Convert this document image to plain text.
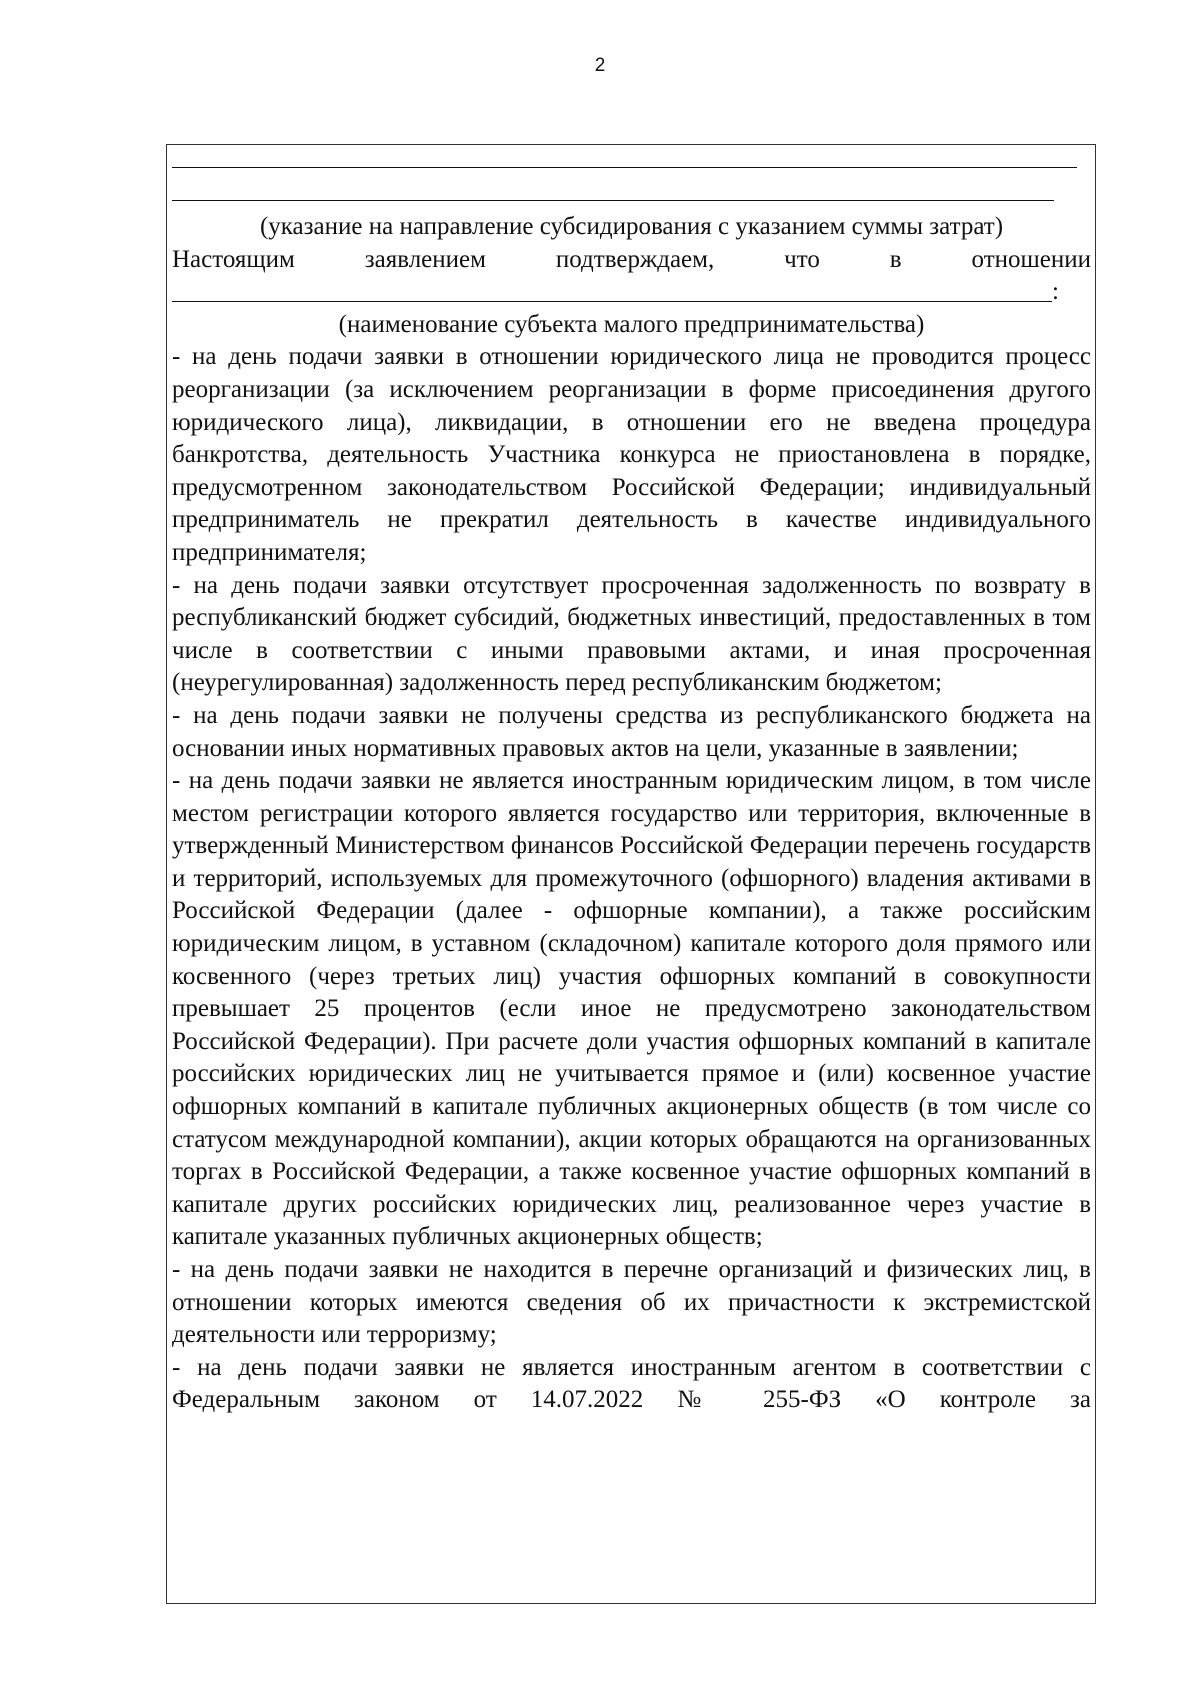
2

(указание на направление субсидирования с указанием суммы затрат)

Настоящим заявлением подтверждаем, что в отношении

:

(наименование субъекта малого предпринимательства)

- на день подачи заявки в отношении юридического лица не проводится процесс реорганизации (за исключением реорганизации в форме присоединения другого юридического лица), ликвидации, в отношении его не введена процедура банкротства, деятельность Участника конкурса не приостановлена в порядке, предусмотренном законодательством Российской Федерации; индивидуальный предприниматель не прекратил деятельность в качестве индивидуального предпринимателя;

- на день подачи заявки отсутствует просроченная задолженность по возврату в республиканский бюджет субсидий, бюджетных инвестиций, предоставленных в том числе в соответствии с иными правовыми актами, и иная просроченная (неурегулированная) задолженность перед республиканским бюджетом;

- на день подачи заявки не получены средства из республиканского бюджета на основании иных нормативных правовых актов на цели, указанные в заявлении;

- на день подачи заявки не является иностранным юридическим лицом, в том числе местом регистрации которого является государство или территория, включенные в утвержденный Министерством финансов Российской Федерации перечень государств и территорий, используемых для промежуточного (офшорного) владения активами в Российской Федерации (далее - офшорные компании), а также российским юридическим лицом, в уставном (складочном) капитале которого доля прямого или косвенного (через третьих лиц) участия офшорных компаний в совокупности превышает 25 процентов (если иное не предусмотрено законодательством Российской Федерации). При расчете доли участия офшорных компаний в капитале российских юридических лиц не учитывается прямое и (или) косвенное участие офшорных компаний в капитале публичных акционерных обществ (в том числе со статусом международной компании), акции которых обращаются на организованных торгах в Российской Федерации, а также косвенное участие офшорных компаний в капитале других российских юридических лиц, реализованное через участие в капитале указанных публичных акционерных обществ;

- на день подачи заявки не находится в перечне организаций и физических лиц, в отношении которых имеются сведения об их причастности к экстремистской деятельности или терроризму;

- на день подачи заявки не является иностранным агентом в соответствии с Федеральным законом от 14.07.2022 № 255-ФЗ «О контроле за
